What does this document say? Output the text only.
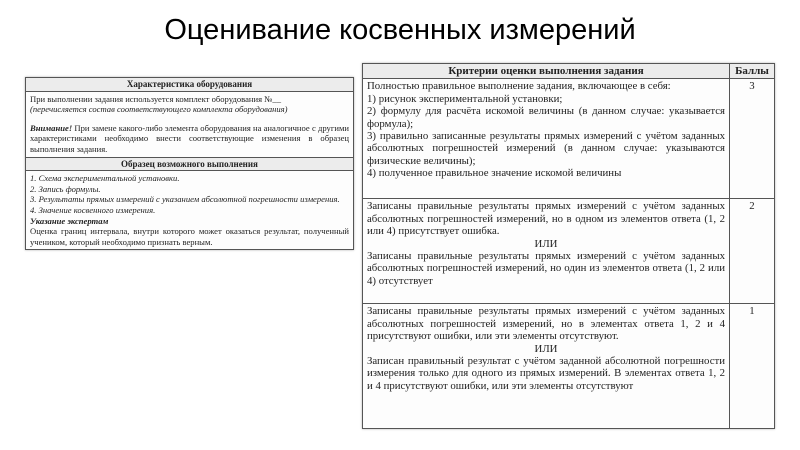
Оценивание косвенных измерений
Характеристика оборудования

При выполнении задания используется комплект оборудования №__

(перечисляется состав соответствующего комплекта оборудования)

Внимание! При замене какого-либо элемента оборудования на аналогичное с другими характеристиками необходимо внести соответствующие изменения в образец выполнения задания.

Образец возможного выполнения

1. Схема экспериментальной установки.

2. Запись формулы.

3. Результаты прямых измерений с указанием абсолютной погрешности измерения.

4. Значение косвенного измерения.

Указание экспертам

Оценка границ интервала, внутри которого может оказаться результат, полученный учеником, который необходимо признать верным.

Критерии оценки выполнения задания	Баллы

Полностью правильное выполнение задания, включающее в себя:

1) рисунок экспериментальной установки;

2) формулу для расчёта искомой величины (в данном случае: указывается формула);

3) правильно записанные результаты прямых измерений с учётом заданных абсолютных погрешностей измерений (в данном случае: указываются физические величины);

4) полученное правильное значение искомой величины

3

Записаны правильные результаты прямых измерений с учётом заданных абсолютных погрешностей измерений, но в одном из элементов ответа (1, 2 или 4) присутствует ошибка.

ИЛИ

Записаны правильные результаты прямых измерений с учётом заданных абсолютных погрешностей измерений, но один из элементов ответа (1, 2 или 4) отсутствует

2

Записаны правильные результаты прямых измерений с учётом заданных абсолютных погрешностей измерений, но в элементах ответа 1, 2 и 4 присутствуют ошибки, или эти элементы отсутствуют.

ИЛИ

Записан правильный результат с учётом заданной абсолютной погрешности измерения только для одного из прямых измерений. В элементах ответа 1, 2 и 4 присутствуют ошибки, или эти элементы отсутствуют

1
